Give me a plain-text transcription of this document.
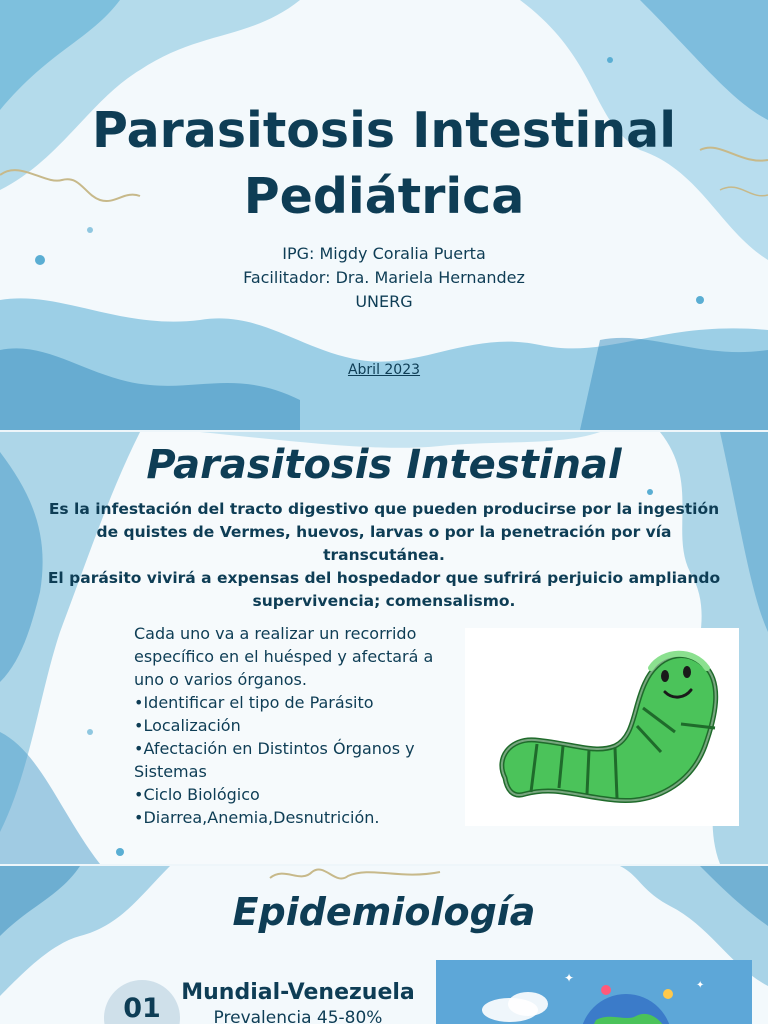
Parasitosis Intestinal
Pediátrica
IPG: Migdy Coralia Puerta
Facilitador: Dra. Mariela Hernandez
UNERG
Abril 2023
Parasitosis Intestinal

Es la infestación del tracto digestivo que pueden producirse por la ingestión de quistes de Vermes, huevos, larvas o por la penetración por vía transcutánea.

El parásito vivirá a expensas del hospedador que sufrirá perjuicio ampliando supervivencia; comensalismo.

Cada uno va a realizar un recorrido específico en el huésped y afectará a uno o varios órganos.

•Identificar el tipo de Parásito
•Localización
•Afectación en Distintos Órganos y Sistemas
•Ciclo Biológico
•Diarrea,Anemia,Desnutrición.
Epidemiología
01
Mundial-Venezuela
Prevalencia 45-80%
✦
✦
